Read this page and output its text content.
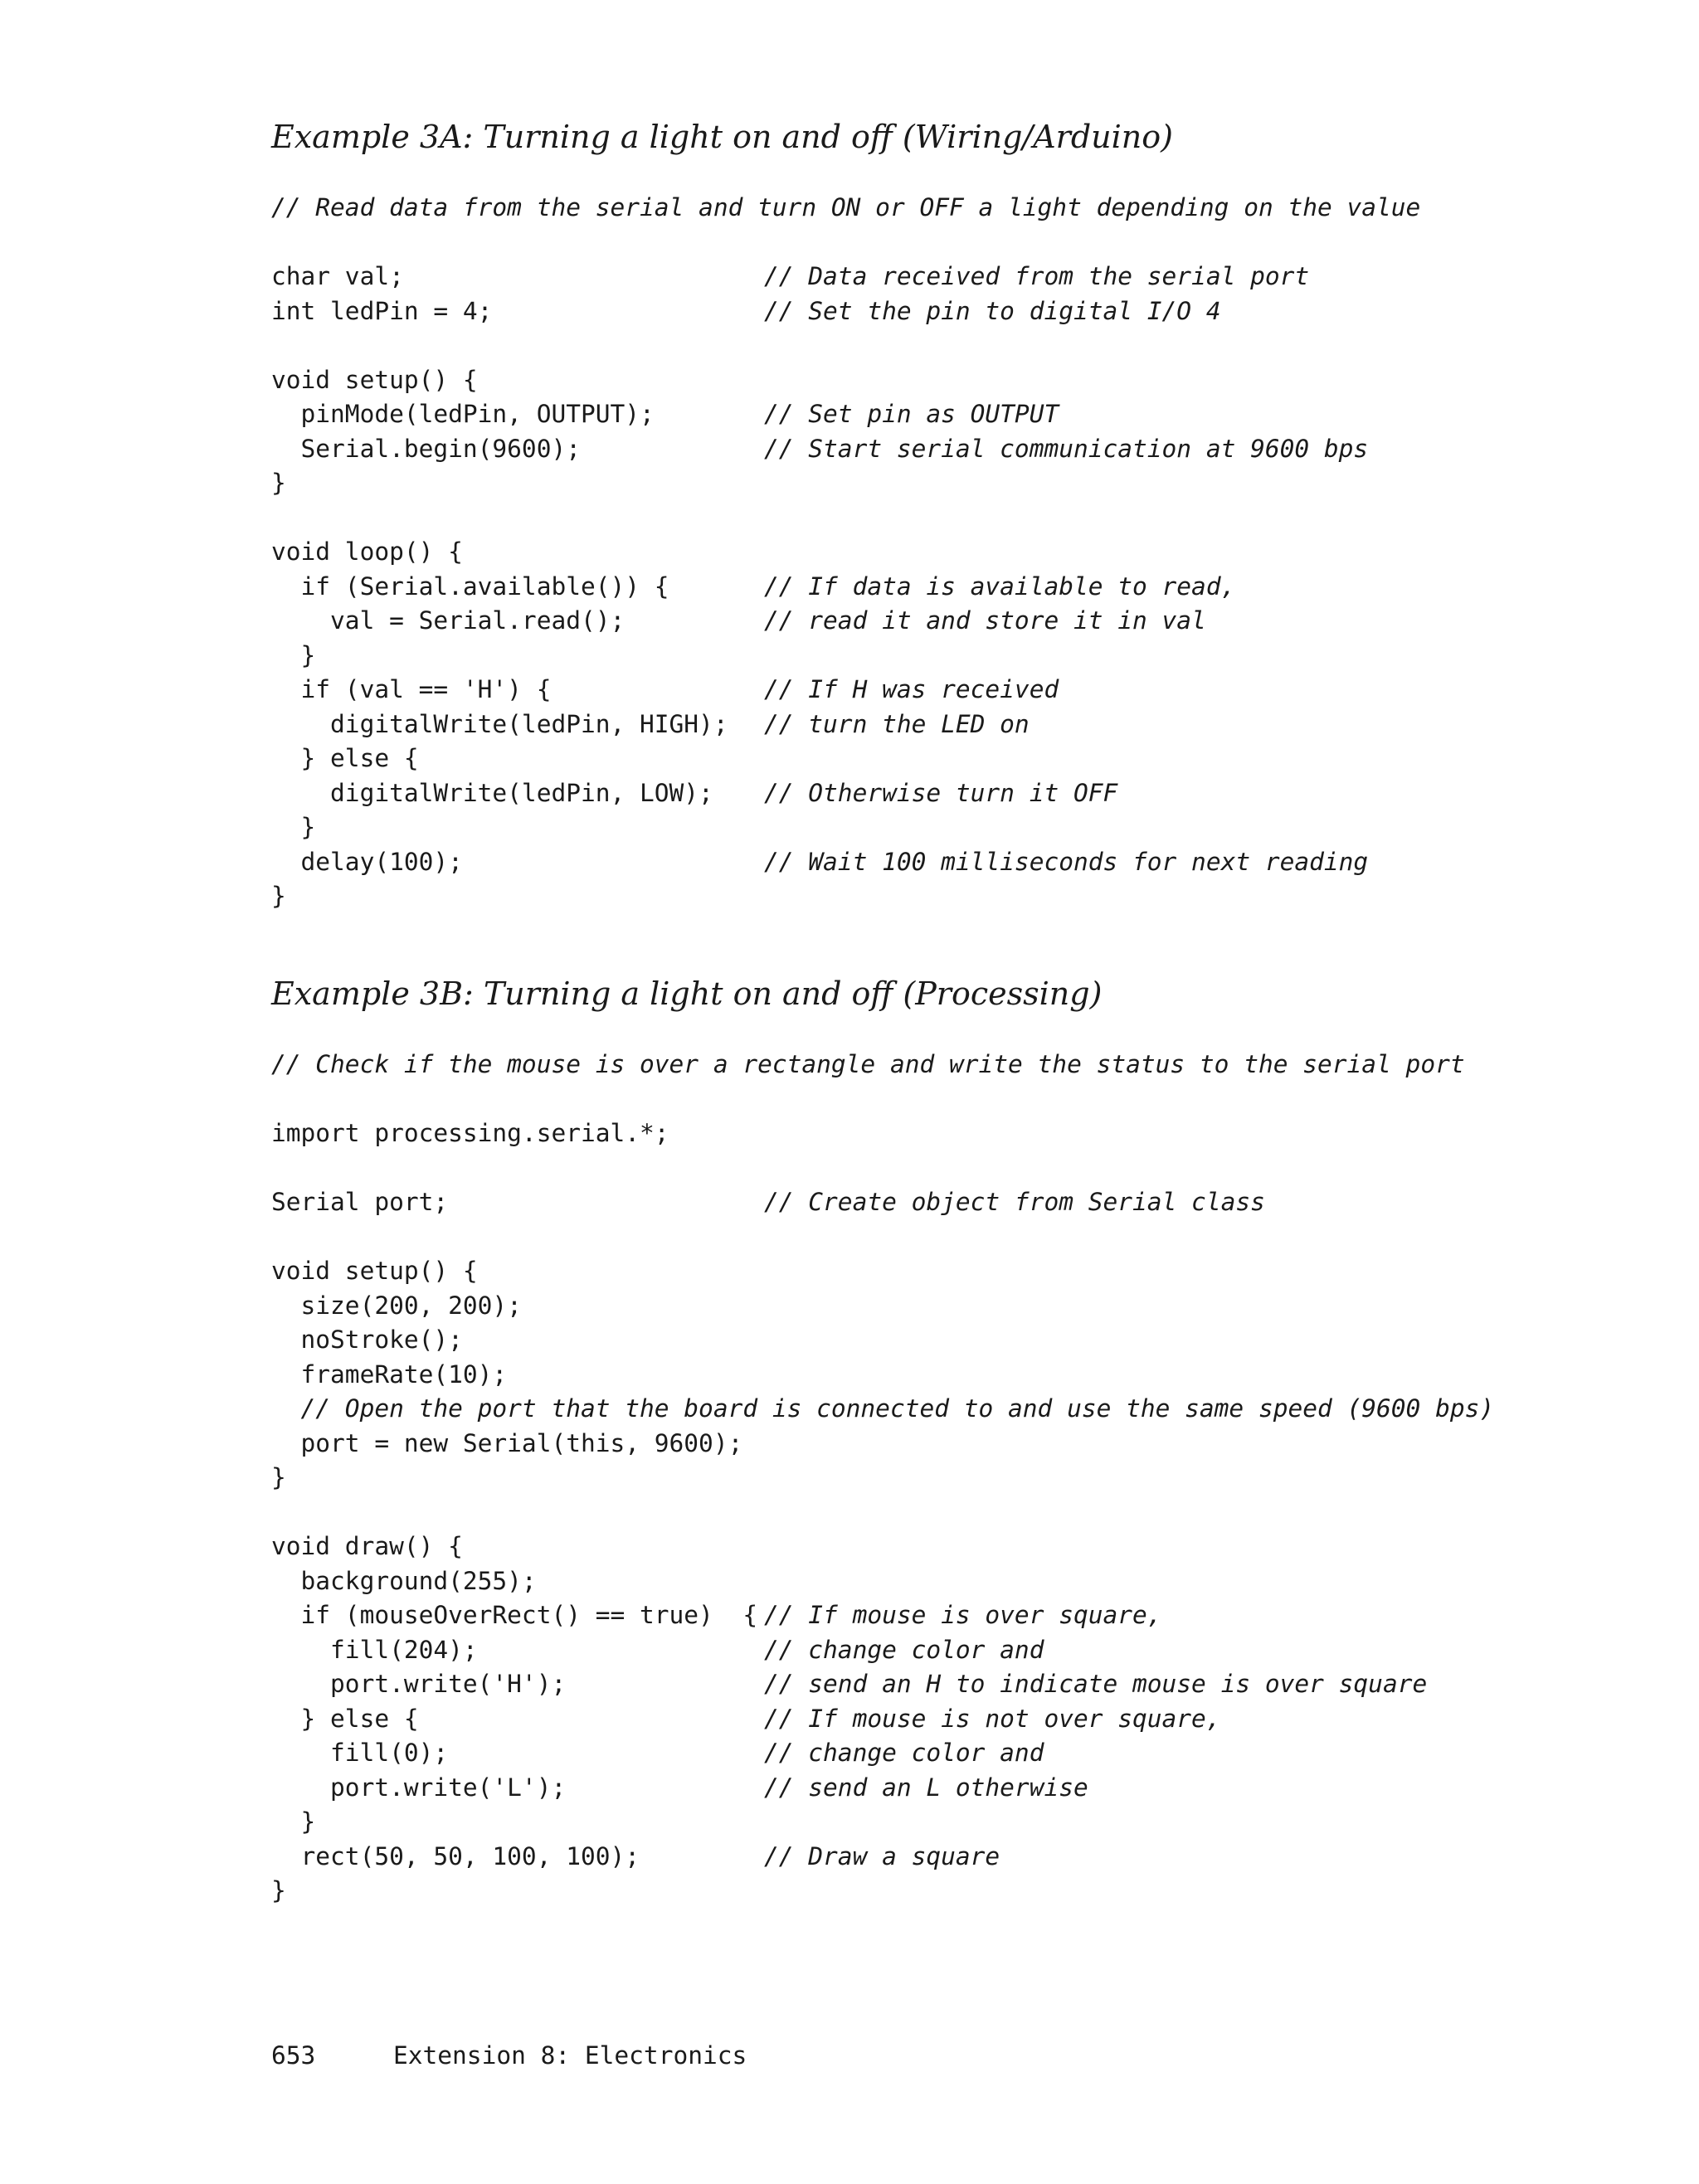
Example 3A: Turning a light on and off (Wiring/Arduino)
// Read data from the serial and turn ON or OFF a light depending on the value
char val;	// Data received from the serial port
int ledPin = 4;	// Set the pin to digital I/O 4
void setup() {
pinMode(ledPin, OUTPUT);	// Set pin as OUTPUT
Serial.begin(9600);	// Start serial communication at 9600 bps
}
void loop() {
if (Serial.available()) {	// If data is available to read,
val = Serial.read();	// read it and store it in val
}
if (val == 'H') {	// If H was received
digitalWrite(ledPin, HIGH); // turn the LED on
} else {
digitalWrite(ledPin, LOW); // Otherwise turn it OFF
}
delay(100);	// Wait 100 milliseconds for next reading
}
Example 3B: Turning a light on and off (Processing)
// Check if the mouse is over a rectangle and write the status to the serial port
import processing.serial.*;
Serial port;	// Create object from Serial class
void setup() {
size(200, 200);
noStroke();
frameRate(10);
// Open the port that the board is connected to and use the same speed (9600 bps)
port = new Serial(this, 9600);
}
void draw() {
background(255);
if (mouseOverRect() == true)  { // If mouse is over square,
fill(204);	// change color and
port.write('H');	// send an H to indicate mouse is over square
} else {	// If mouse is not over square,
fill(0);	// change color and
port.write('L');	// send an L otherwise
}
rect(50, 50, 100, 100);	// Draw a square
}
653	Extension 8: Electronics
